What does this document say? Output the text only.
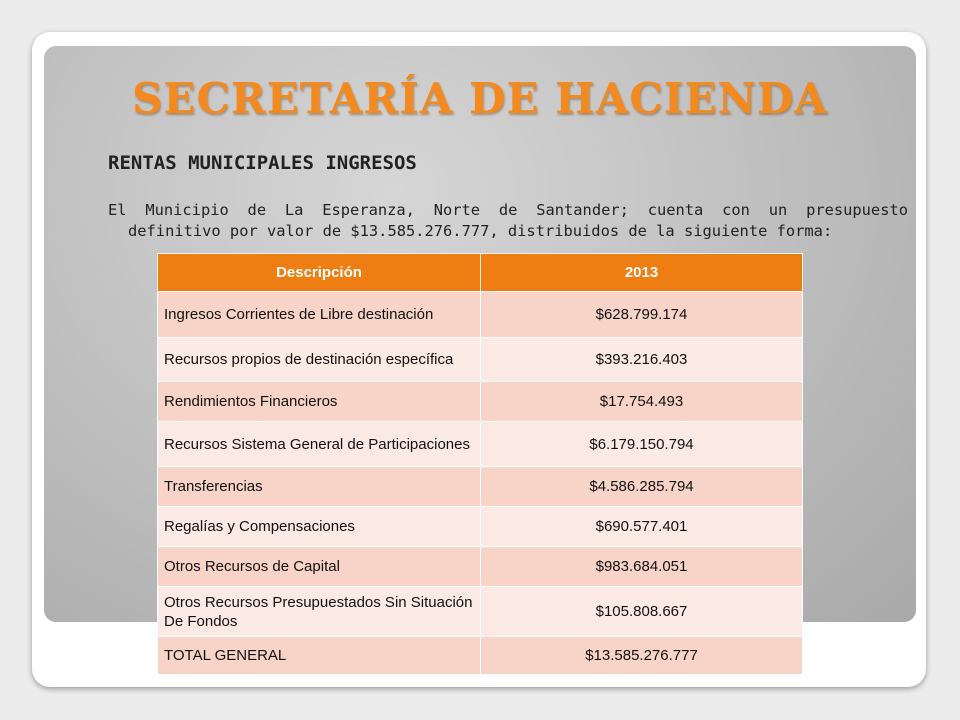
SECRETARÍA DE HACIENDA
RENTAS MUNICIPALES INGRESOS

El Municipio de La Esperanza, Norte de Santander; cuenta con un presupuesto
definitivo por valor de $13.585.276.777, distribuidos de la siguiente forma:

Descripción	2013
Ingresos Corrientes de Libre destinación	$628.799.174
Recursos propios de destinación específica	$393.216.403
Rendimientos Financieros	$17.754.493
Recursos Sistema General de Participaciones	$6.179.150.794
Transferencias	$4.586.285.794
Regalías y Compensaciones	$690.577.401
Otros Recursos de Capital	$983.684.051
Otros Recursos Presupuestados Sin Situación De Fondos	$105.808.667
TOTAL GENERAL	$13.585.276.777
